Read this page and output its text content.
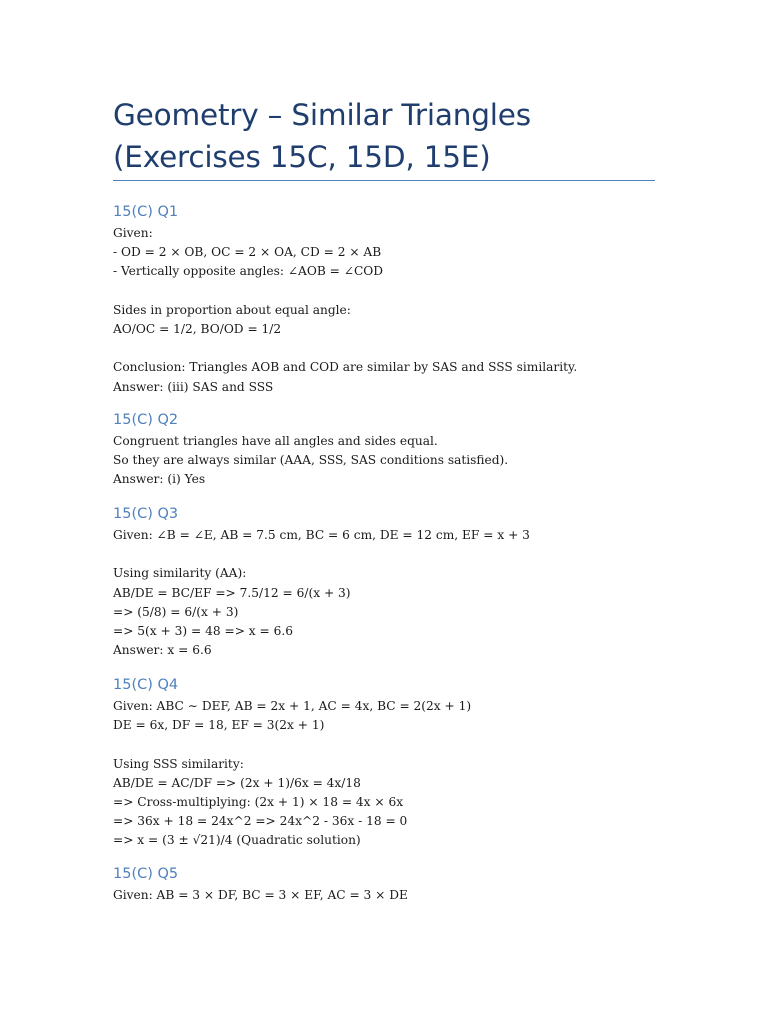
Geometry – Similar Triangles (Exercises 15C, 15D, 15E)
15(C) Q1
Given:
- OD = 2 × OB, OC = 2 × OA, CD = 2 × AB
- Vertically opposite angles: ∠AOB = ∠COD
Sides in proportion about equal angle:
AO/OC = 1/2, BO/OD = 1/2
Conclusion: Triangles AOB and COD are similar by SAS and SSS similarity.
Answer: (iii) SAS and SSS
15(C) Q2
Congruent triangles have all angles and sides equal.
So they are always similar (AAA, SSS, SAS conditions satisfied).
Answer: (i) Yes
15(C) Q3
Given: ∠B = ∠E, AB = 7.5 cm, BC = 6 cm, DE = 12 cm, EF = x + 3
Using similarity (AA):
AB/DE = BC/EF => 7.5/12 = 6/(x + 3)
=> (5/8) = 6/(x + 3)
=> 5(x + 3) = 48 => x = 6.6
Answer: x = 6.6
15(C) Q4
Given: ABC ∼ DEF, AB = 2x + 1, AC = 4x, BC = 2(2x + 1)
DE = 6x, DF = 18, EF = 3(2x + 1)
Using SSS similarity:
AB/DE = AC/DF => (2x + 1)/6x = 4x/18
=> Cross-multiplying: (2x + 1) × 18 = 4x × 6x
=> 36x + 18 = 24x^2 => 24x^2 - 36x - 18 = 0
=> x = (3 ± √21)/4 (Quadratic solution)
15(C) Q5
Given: AB = 3 × DF, BC = 3 × EF, AC = 3 × DE
